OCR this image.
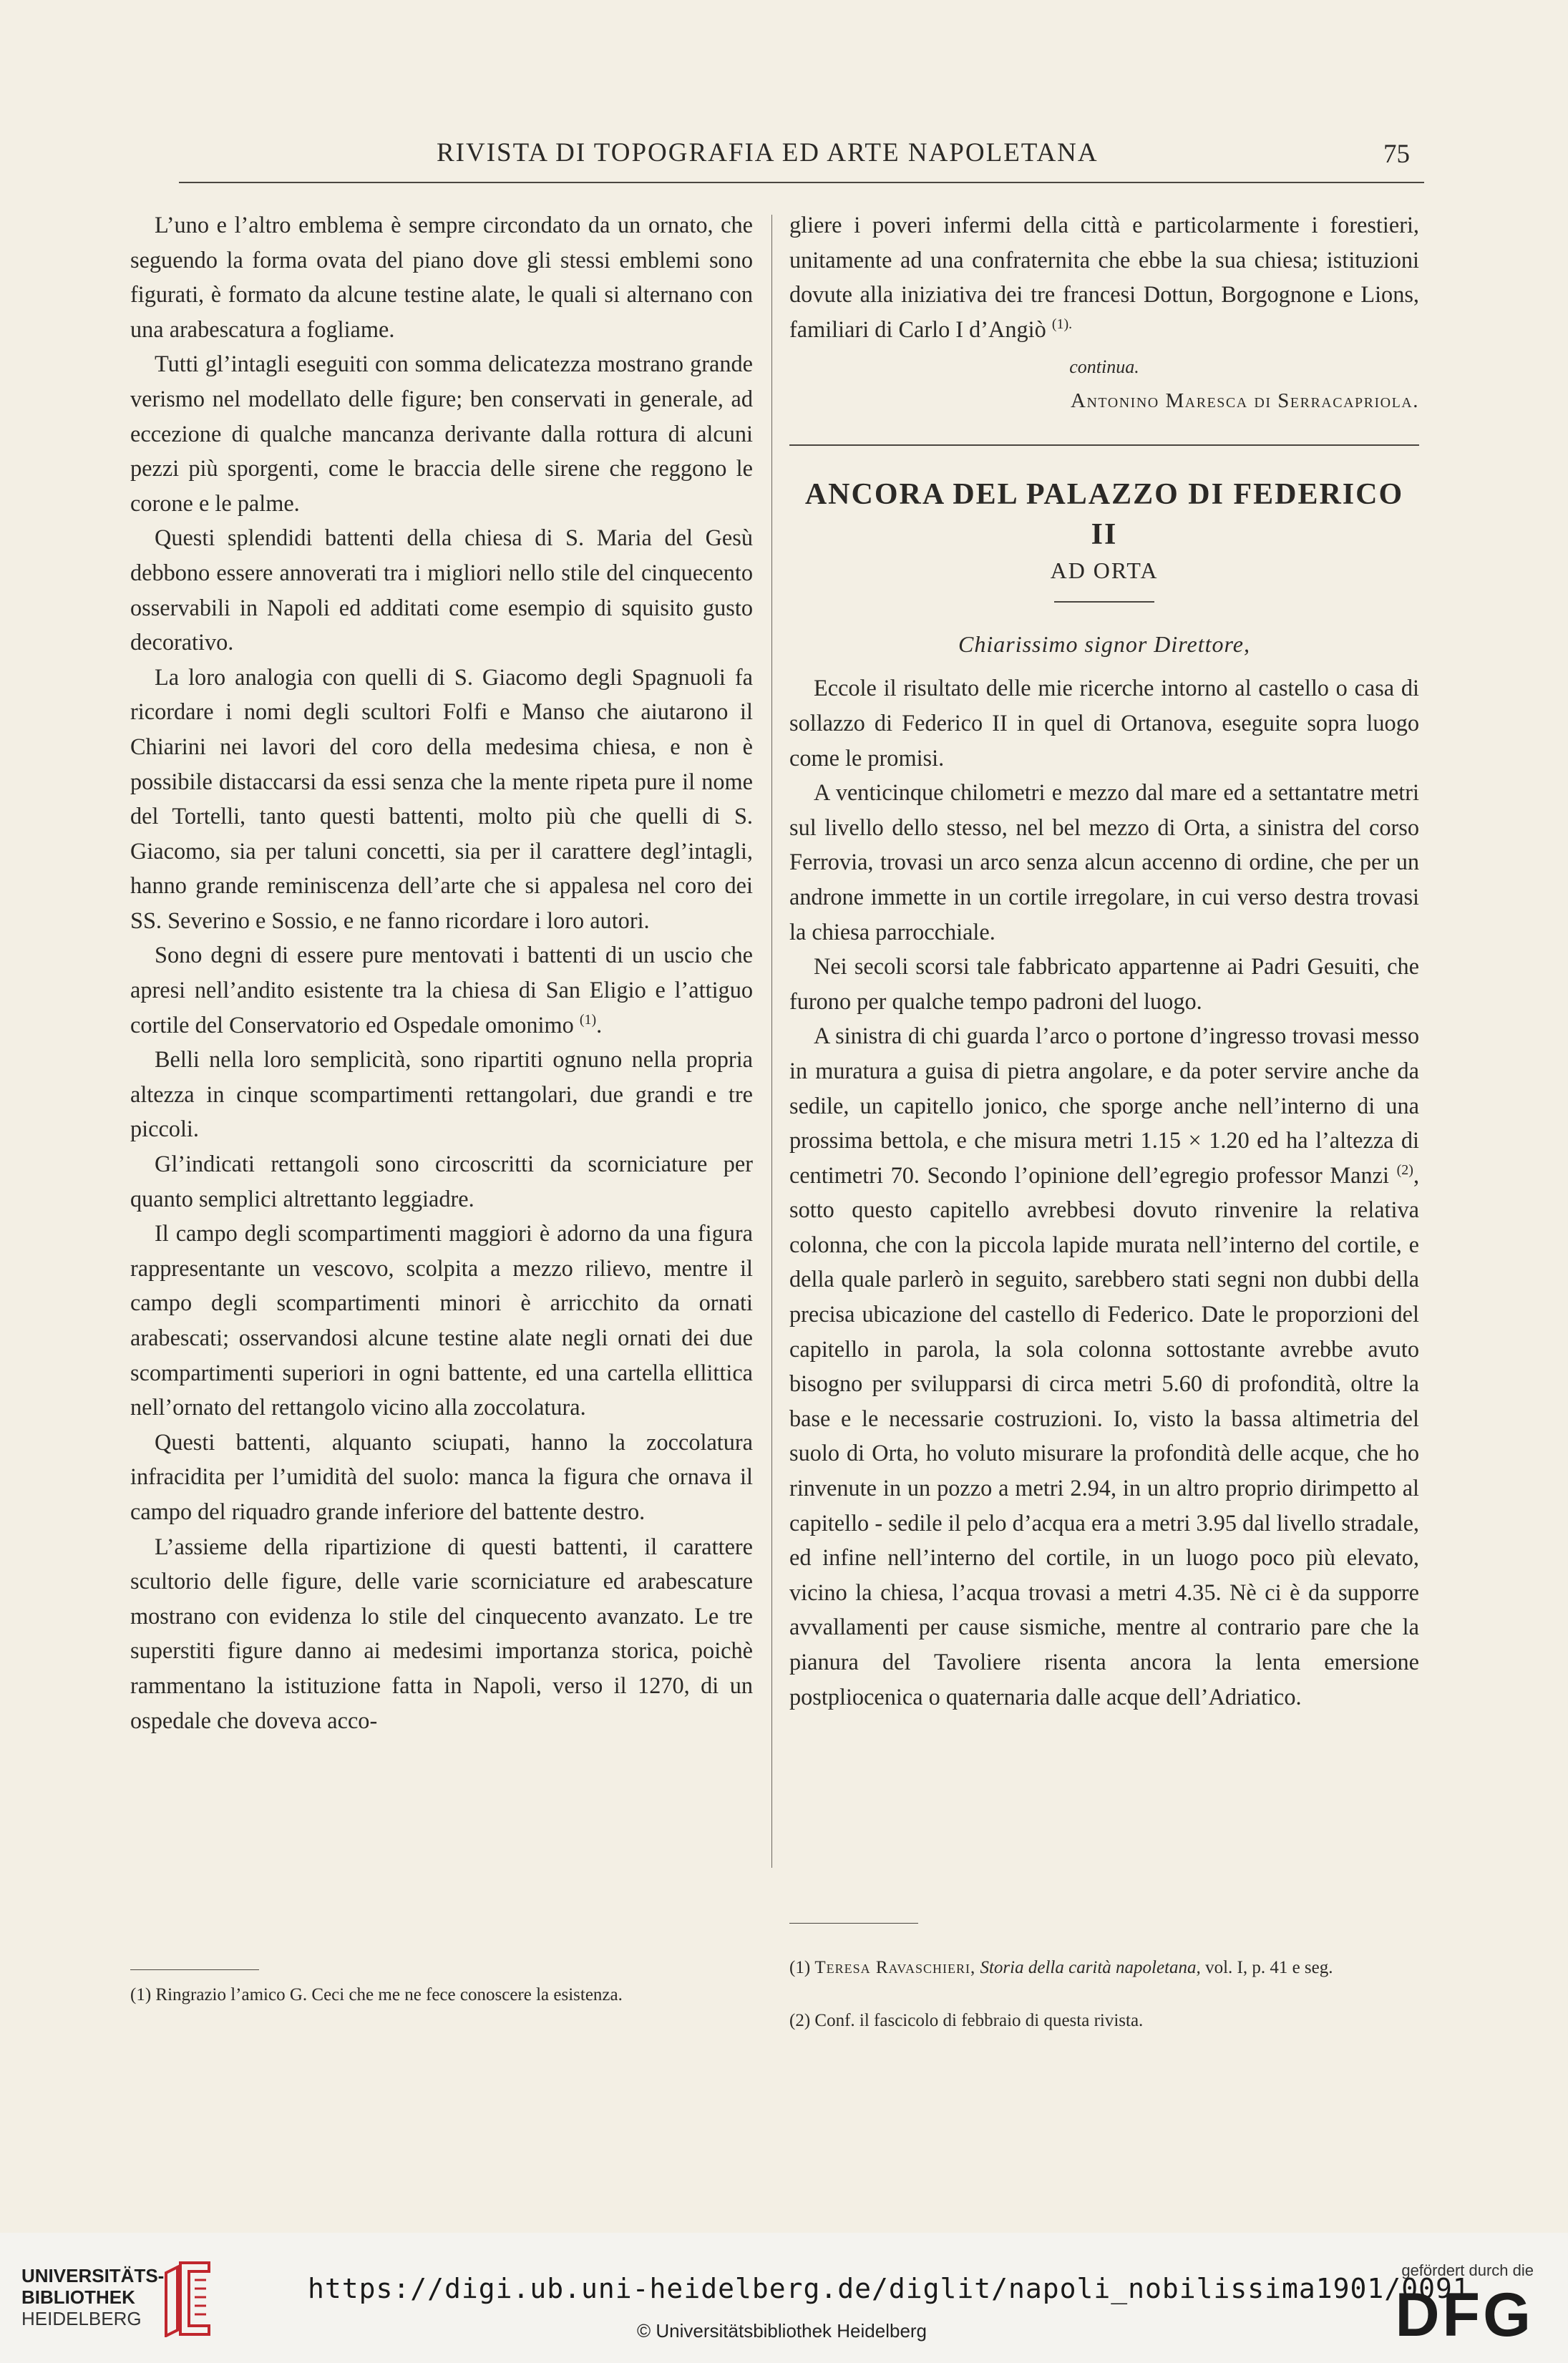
RIVISTA DI TOPOGRAFIA ED ARTE NAPOLETANA	75

L’uno e l’altro emblema è sempre circondato da un ornato, che seguendo la forma ovata del piano dove gli stessi emblemi sono figurati, è formato da alcune testine alate, le quali si alternano con una arabescatura a fogliame.

Tutti gl’intagli eseguiti con somma delicatezza mostrano grande verismo nel modellato delle figure; ben conservati in generale, ad eccezione di qualche mancanza derivante dalla rottura di alcuni pezzi più sporgenti, come le braccia delle sirene che reggono le corone e le palme.

Questi splendidi battenti della chiesa di S. Maria del Gesù debbono essere annoverati tra i migliori nello stile del cinquecento osservabili in Napoli ed additati come esempio di squisito gusto decorativo.

La loro analogia con quelli di S. Giacomo degli Spagnuoli fa ricordare i nomi degli scultori Folfi e Manso che aiutarono il Chiarini nei lavori del coro della medesima chiesa, e non è possibile distaccarsi da essi senza che la mente ripeta pure il nome del Tortelli, tanto questi battenti, molto più che quelli di S. Giacomo, sia per taluni concetti, sia per il carattere degl’intagli, hanno grande reminiscenza dell’arte che si appalesa nel coro dei SS. Severino e Sossio, e ne fanno ricordare i loro autori.

Sono degni di essere pure mentovati i battenti di un uscio che apresi nell’andito esistente tra la chiesa di San Eligio e l’attiguo cortile del Conservatorio ed Ospedale omonimo $^{(1)}$.

Belli nella loro semplicità, sono ripartiti ognuno nella propria altezza in cinque scompartimenti rettangolari, due grandi e tre piccoli.

Gl’indicati rettangoli sono circoscritti da scorniciature per quanto semplici altrettanto leggiadre.

Il campo degli scompartimenti maggiori è adorno da una figura rappresentante un vescovo, scolpita a mezzo rilievo, mentre il campo degli scompartimenti minori è arricchito da ornati arabescati; osservandosi alcune testine alate negli ornati dei due scompartimenti superiori in ogni battente, ed una cartella ellittica nell’ornato del rettangolo vicino alla zoccolatura.

Questi battenti, alquanto sciupati, hanno la zoccolatura infracidita per l’umidità del suolo: manca la figura che ornava il campo del riquadro grande inferiore del battente destro.

L’assieme della ripartizione di questi battenti, il carattere scultorio delle figure, delle varie scorniciature ed arabescature mostrano con evidenza lo stile del cinquecento avanzato. Le tre superstiti figure danno ai medesimi importanza storica, poichè rammentano la istituzione fatta in Napoli, verso il 1270, di un ospedale che doveva acco-

(1) Ringrazio l’amico G. Ceci che me ne fece conoscere la esistenza.

gliere i poveri infermi della città e particolarmente i forestieri, unitamente ad una confraternita che ebbe la sua chiesa; istituzioni dovute alla iniziativa dei tre francesi Dottun, Borgognone e Lions, familiari di Carlo I d’Angiò $^{(1).}$

continua.
Antonino Maresca di Serracapriola.
ANCORA DEL PALAZZO DI FEDERICO II
AD ORTA
Chiarissimo signor Direttore,

Eccole il risultato delle mie ricerche intorno al castello o casa di sollazzo di Federico II in quel di Ortanova, eseguite sopra luogo come le promisi.

A venticinque chilometri e mezzo dal mare ed a settantatre metri sul livello dello stesso, nel bel mezzo di Orta, a sinistra del corso Ferrovia, trovasi un arco senza alcun accenno di ordine, che per un androne immette in un cortile irregolare, in cui verso destra trovasi la chiesa parrocchiale.

Nei secoli scorsi tale fabbricato appartenne ai Padri Gesuiti, che furono per qualche tempo padroni del luogo.

A sinistra di chi guarda l’arco o portone d’ingresso trovasi messo in muratura a guisa di pietra angolare, e da poter servire anche da sedile, un capitello jonico, che sporge anche nell’interno di una prossima bettola, e che misura metri 1.15 × 1.20 ed ha l’altezza di centimetri 70. Secondo l’opinione dell’egregio professor Manzi $^{(2)}$, sotto questo capitello avrebbesi dovuto rinvenire la relativa colonna, che con la piccola lapide murata nell’interno del cortile, e della quale parlerò in seguito, sarebbero stati segni non dubbi della precisa ubicazione del castello di Federico. Date le proporzioni del capitello in parola, la sola colonna sottostante avrebbe avuto bisogno per svilupparsi di circa metri 5.60 di profondità, oltre la base e le necessarie costruzioni. Io, visto la bassa altimetria del suolo di Orta, ho voluto misurare la profondità delle acque, che ho rinvenute in un pozzo a metri 2.94, in un altro proprio dirimpetto al capitello - sedile il pelo d’acqua era a metri 3.95 dal livello stradale, ed infine nell’interno del cortile, in un luogo poco più elevato, vicino la chiesa, l’acqua trovasi a metri 4.35. Nè ci è da supporre avvallamenti per cause sismiche, mentre al contrario pare che la pianura del Tavoliere risenta ancora la lenta emersione postpliocenica o quaternaria dalle acque dell’Adriatico.

(1) Teresa Ravaschieri, Storia della carità napoletana, vol. I, p. 41 e seg.
(2) Conf. il fascicolo di febbraio di questa rivista.
UNIVERSITÄTS-
BIBLIOTHEK
HEIDELBERG
https://digi.ub.uni-heidelberg.de/diglit/napoli_nobilissima1901/0091
© Universitätsbibliothek Heidelberg
gefördert durch die
DFG
